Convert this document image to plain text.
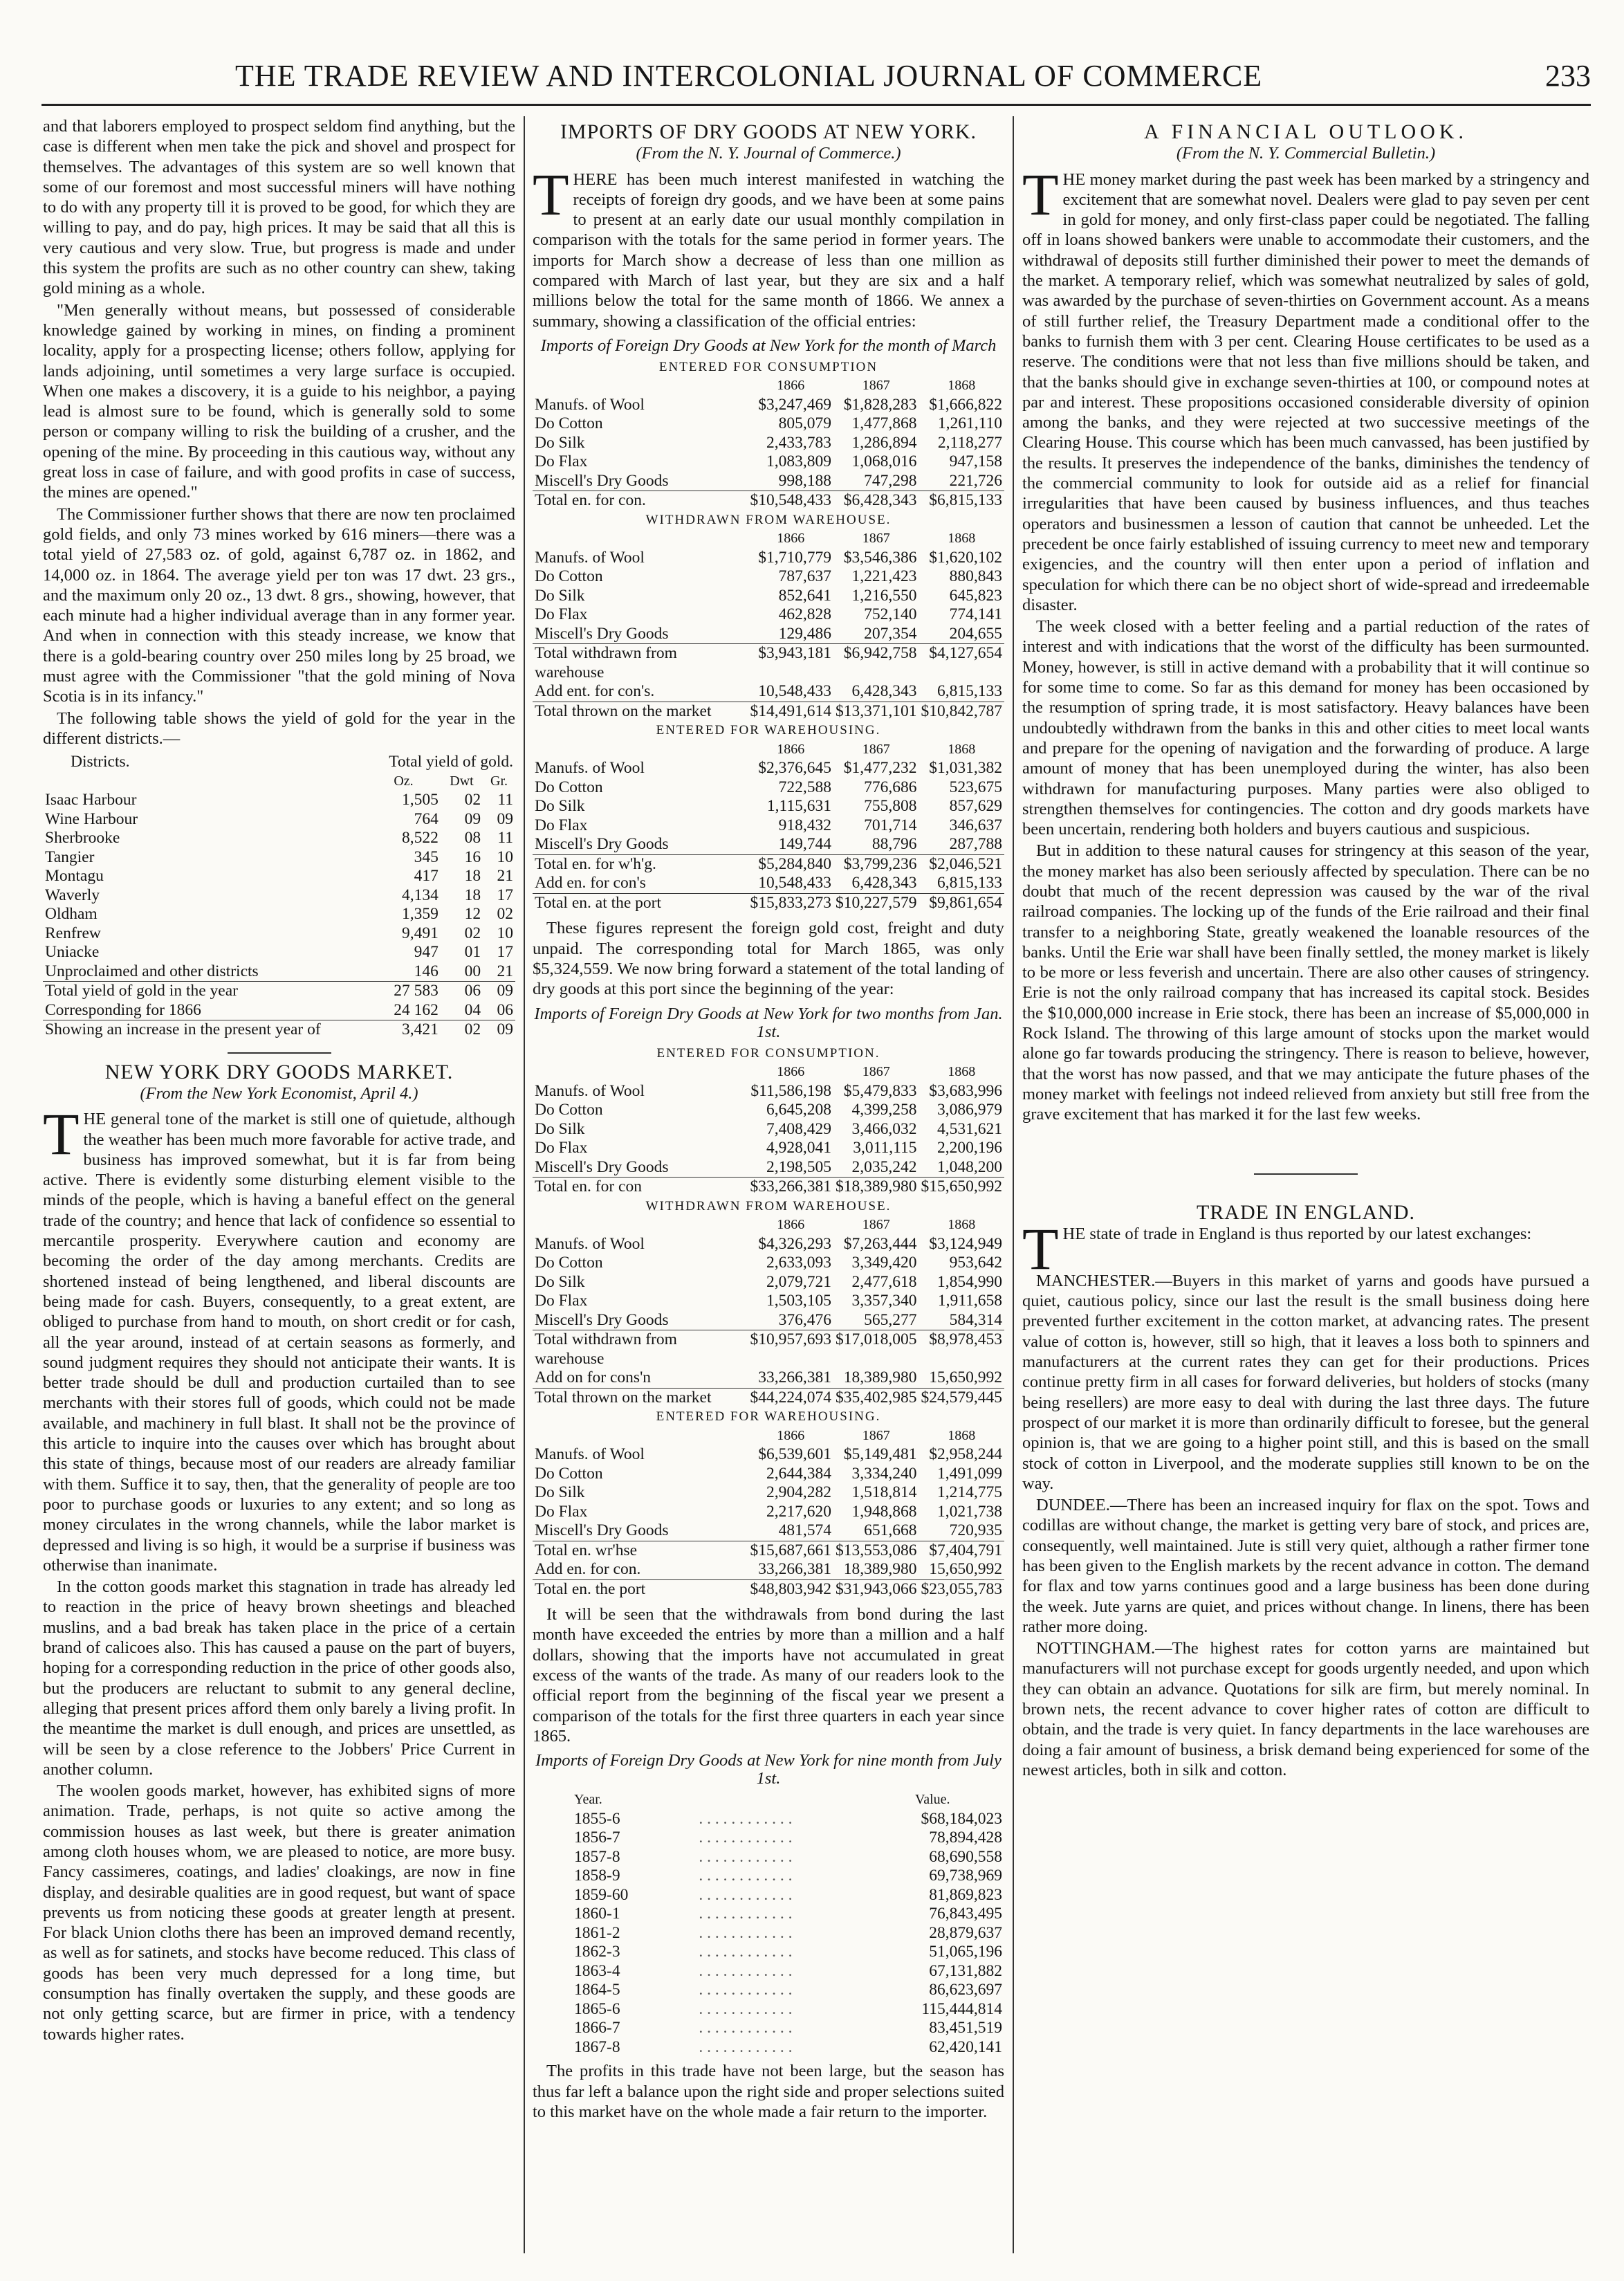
THE TRADE REVIEW AND INTERCOLONIAL JOURNAL OF COMMERCE	233

and that laborers employed to prospect seldom find anything, but the case is different when men take the pick and shovel and prospect for themselves. The advantages of this system are so well known that some of our foremost and most successful miners will have nothing to do with any property till it is proved to be good, for which they are willing to pay, and do pay, high prices. It may be said that all this is very cautious and very slow. True, but progress is made and under this system the profits are such as no other country can shew, taking gold mining as a whole.

"Men generally without means, but possessed of considerable knowledge gained by working in mines, on finding a prominent locality, apply for a prospecting license; others follow, applying for lands adjoining, until sometimes a very large surface is occupied. When one makes a discovery, it is a guide to his neighbor, a paying lead is almost sure to be found, which is generally sold to some person or company willing to risk the building of a crusher, and the opening of the mine. By proceeding in this cautious way, without any great loss in case of failure, and with good profits in case of success, the mines are opened."

The Commissioner further shows that there are now ten proclaimed gold fields, and only 73 mines worked by 616 miners—there was a total yield of 27,583 oz. of gold, against 6,787 oz. in 1862, and 14,000 oz. in 1864. The average yield per ton was 17 dwt. 23 grs., and the maximum only 20 oz., 13 dwt. 8 grs., showing, however, that each minute had a higher individual average than in any former year. And when in connection with this steady increase, we know that there is a gold-bearing country over 250 miles long by 25 broad, we must agree with the Commissioner "that the gold mining of Nova Scotia is in its infancy."

The following table shows the yield of gold for the year in the different districts.—

Districts.	Total yield of gold.		
	Oz.	Dwt	Gr.
Isaac Harbour	1,505	02	11
Wine Harbour	764	09	09
Sherbrooke	8,522	08	11
Tangier	345	16	10
Montagu	417	18	21
Waverly	4,134	18	17
Oldham	1,359	12	02
Renfrew	9,491	02	10
Uniacke	947	01	17
Unproclaimed and other districts	146	00	21
Total yield of gold in the year	27 583	06	09
Corresponding for 1866	24 162	04	06
Showing an increase in the present year of	3,421	02	09
NEW YORK DRY GOODS MARKET.
(From the New York Economist, April 4.)

THE general tone of the market is still one of quietude, although the weather has been much more favorable for active trade, and business has improved somewhat, but it is far from being active. There is evidently some disturbing element visible to the minds of the people, which is having a baneful effect on the general trade of the country; and hence that lack of confidence so essential to mercantile prosperity. Everywhere caution and economy are becoming the order of the day among merchants. Credits are shortened instead of being lengthened, and liberal discounts are being made for cash. Buyers, consequently, to a great extent, are obliged to purchase from hand to mouth, on short credit or for cash, all the year around, instead of at certain seasons as formerly, and sound judgment requires they should not anticipate their wants. It is better trade should be dull and production curtailed than to see merchants with their stores full of goods, which could not be made available, and machinery in full blast. It shall not be the province of this article to inquire into the causes over which has brought about this state of things, because most of our readers are already familiar with them. Suffice it to say, then, that the generality of people are too poor to purchase goods or luxuries to any extent; and so long as money circulates in the wrong channels, while the labor market is depressed and living is so high, it would be a surprise if business was otherwise than inanimate.

In the cotton goods market this stagnation in trade has already led to reaction in the price of heavy brown sheetings and bleached muslins, and a bad break has taken place in the price of a certain brand of calicoes also. This has caused a pause on the part of buyers, hoping for a corresponding reduction in the price of other goods also, but the producers are reluctant to submit to any general decline, alleging that present prices afford them only barely a living profit. In the meantime the market is dull enough, and prices are unsettled, as will be seen by a close reference to the Jobbers' Price Current in another column.

The woolen goods market, however, has exhibited signs of more animation. Trade, perhaps, is not quite so active among the commission houses as last week, but there is greater animation among cloth houses whom, we are pleased to notice, are more busy. Fancy cassimeres, coatings, and ladies' cloakings, are now in fine display, and desirable qualities are in good request, but want of space prevents us from noticing these goods at greater length at present. For black Union cloths there has been an improved demand recently, as well as for satinets, and stocks have become reduced. This class of goods has been very much depressed for a long time, but consumption has finally overtaken the supply, and these goods are not only getting scarce, but are firmer in price, with a tendency towards higher rates.

IMPORTS OF DRY GOODS AT NEW YORK.
(From the N. Y. Journal of Commerce.)

THERE has been much interest manifested in watching the receipts of foreign dry goods, and we have been at some pains to present at an early date our usual monthly compilation in comparison with the totals for the same period in former years. The imports for March show a decrease of less than one million as compared with March of last year, but they are six and a half millions below the total for the same month of 1866. We annex a summary, showing a classification of the official entries:

Imports of Foreign Dry Goods at New York for the month of March
ENTERED FOR CONSUMPTION			
	1866	1867	1868
Manufs. of Wool	$3,247,469	$1,828,283	$1,666,822
Do Cotton	805,079	1,477,868	1,261,110
Do Silk	2,433,783	1,286,894	2,118,277
Do Flax	1,083,809	1,068,016	947,158
Miscell's Dry Goods	998,188	747,298	221,726
Total en. for con.	$10,548,433	$6,428,343	$6,815,133
WITHDRAWN FROM WAREHOUSE.			
	1866	1867	1868
Manufs. of Wool	$1,710,779	$3,546,386	$1,620,102
Do Cotton	787,637	1,221,423	880,843
Do Silk	852,641	1,216,550	645,823
Do Flax	462,828	752,140	774,141
Miscell's Dry Goods	129,486	207,354	204,655
Total withdrawn from warehouse	$3,943,181	$6,942,758	$4,127,654
Add ent. for con's.	10,548,433	6,428,343	6,815,133
Total thrown on the market	$14,491,614	$13,371,101	$10,842,787
ENTERED FOR WAREHOUSING.			
	1866	1867	1868
Manufs. of Wool	$2,376,645	$1,477,232	$1,031,382
Do Cotton	722,588	776,686	523,675
Do Silk	1,115,631	755,808	857,629
Do Flax	918,432	701,714	346,637
Miscell's Dry Goods	149,744	88,796	287,788
Total en. for w'h'g.	$5,284,840	$3,799,236	$2,046,521
Add en. for con's	10,548,433	6,428,343	6,815,133
Total en. at the port	$15,833,273	$10,227,579	$9,861,654

These figures represent the foreign gold cost, freight and duty unpaid. The corresponding total for March 1865, was only $5,324,559. We now bring forward a statement of the total landing of dry goods at this port since the beginning of the year:

Imports of Foreign Dry Goods at New York for two months from Jan. 1st.
ENTERED FOR CONSUMPTION.			
	1866	1867	1868
Manufs. of Wool	$11,586,198	$5,479,833	$3,683,996
Do Cotton	6,645,208	4,399,258	3,086,979
Do Silk	7,408,429	3,466,032	4,531,621
Do Flax	4,928,041	3,011,115	2,200,196
Miscell's Dry Goods	2,198,505	2,035,242	1,048,200
Total en. for con	$33,266,381	$18,389,980	$15,650,992
WITHDRAWN FROM WAREHOUSE.			
	1866	1867	1868
Manufs. of Wool	$4,326,293	$7,263,444	$3,124,949
Do Cotton	2,633,093	3,349,420	953,642
Do Silk	2,079,721	2,477,618	1,854,990
Do Flax	1,503,105	3,357,340	1,911,658
Miscell's Dry Goods	376,476	565,277	584,314
Total withdrawn from warehouse	$10,957,693	$17,018,005	$8,978,453
Add on for cons'n	33,266,381	18,389,980	15,650,992
Total thrown on the market	$44,224,074	$35,402,985	$24,579,445
ENTERED FOR WAREHOUSING.			
	1866	1867	1868
Manufs. of Wool	$6,539,601	$5,149,481	$2,958,244
Do Cotton	2,644,384	3,334,240	1,491,099
Do Silk	2,904,282	1,518,814	1,214,775
Do Flax	2,217,620	1,948,868	1,021,738
Miscell's Dry Goods	481,574	651,668	720,935
Total en. wr'hse	$15,687,661	$13,553,086	$7,404,791
Add en. for con.	33,266,381	18,389,980	15,650,992
Total en. the port	$48,803,942	$31,943,066	$23,055,783

It will be seen that the withdrawals from bond during the last month have exceeded the entries by more than a million and a half dollars, showing that the imports have not accumulated in great excess of the wants of the trade. As many of our readers look to the official report from the beginning of the fiscal year we present a comparison of the totals for the first three quarters in each year since 1865.

Imports of Foreign Dry Goods at New York for nine month from July 1st.
Year.		Value.
1855-6	. . . . . . . . . . . .	$68,184,023
1856-7	. . . . . . . . . . . .	78,894,428
1857-8	. . . . . . . . . . . .	68,690,558
1858-9	. . . . . . . . . . . .	69,738,969
1859-60	. . . . . . . . . . . .	81,869,823
1860-1	. . . . . . . . . . . .	76,843,495
1861-2	. . . . . . . . . . . .	28,879,637
1862-3	. . . . . . . . . . . .	51,065,196
1863-4	. . . . . . . . . . . .	67,131,882
1864-5	. . . . . . . . . . . .	86,623,697
1865-6	. . . . . . . . . . . .	115,444,814
1866-7	. . . . . . . . . . . .	83,451,519
1867-8	. . . . . . . . . . . .	62,420,141

The profits in this trade have not been large, but the season has thus far left a balance upon the right side and proper selections suited to this market have on the whole made a fair return to the importer.

A FINANCIAL OUTLOOK.
(From the N. Y. Commercial Bulletin.)

THE money market during the past week has been marked by a stringency and excitement that are somewhat novel. Dealers were glad to pay seven per cent in gold for money, and only first-class paper could be negotiated. The falling off in loans showed bankers were unable to accommodate their customers, and the withdrawal of deposits still further diminished their power to meet the demands of the market. A temporary relief, which was somewhat neutralized by sales of gold, was awarded by the purchase of seven-thirties on Government account. As a means of still further relief, the Treasury Department made a conditional offer to the banks to furnish them with 3 per cent. Clearing House certificates to be used as a reserve. The conditions were that not less than five millions should be taken, and that the banks should give in exchange seven-thirties at 100, or compound notes at par and interest. These propositions occasioned considerable diversity of opinion among the banks, and they were rejected at two successive meetings of the Clearing House. This course which has been much canvassed, has been justified by the results. It preserves the independence of the banks, diminishes the tendency of the commercial community to look for outside aid as a relief for financial irregularities that have been caused by business influences, and thus teaches operators and businessmen a lesson of caution that cannot be unheeded. Let the precedent be once fairly established of issuing currency to meet new and temporary exigencies, and the country will then enter upon a period of inflation and speculation for which there can be no object short of wide-spread and irredeemable disaster.

The week closed with a better feeling and a partial reduction of the rates of interest and with indications that the worst of the difficulty has been surmounted. Money, however, is still in active demand with a probability that it will continue so for some time to come. So far as this demand for money has been occasioned by the resumption of spring trade, it is most satisfactory. Heavy balances have been undoubtedly withdrawn from the banks in this and other cities to meet local wants and prepare for the opening of navigation and the forwarding of produce. A large amount of money that has been unemployed during the winter, has also been withdrawn for manufacturing purposes. Many parties were also obliged to strengthen themselves for contingencies. The cotton and dry goods markets have been uncertain, rendering both holders and buyers cautious and suspicious.

But in addition to these natural causes for stringency at this season of the year, the money market has also been seriously affected by speculation. There can be no doubt that much of the recent depression was caused by the war of the rival railroad companies. The locking up of the funds of the Erie railroad and their final transfer to a neighboring State, greatly weakened the loanable resources of the banks. Until the Erie war shall have been finally settled, the money market is likely to be more or less feverish and uncertain. There are also other causes of stringency. Erie is not the only railroad company that has increased its capital stock. Besides the $10,000,000 increase in Erie stock, there has been an increase of $5,000,000 in Rock Island. The throwing of this large amount of stocks upon the market would alone go far towards producing the stringency. There is reason to believe, however, that the worst has now passed, and that we may anticipate the future phases of the money market with feelings not indeed relieved from anxiety but still free from the grave excitement that has marked it for the last few weeks.

TRADE IN ENGLAND.

THE state of trade in England is thus reported by our latest exchanges:

MANCHESTER.—Buyers in this market of yarns and goods have pursued a quiet, cautious policy, since our last the result is the small business doing here prevented further excitement in the cotton market, at advancing rates. The present value of cotton is, however, still so high, that it leaves a loss both to spinners and manufacturers at the current rates they can get for their productions. Prices continue pretty firm in all cases for forward deliveries, but holders of stocks (many being resellers) are more easy to deal with during the last three days. The future prospect of our market it is more than ordinarily difficult to foresee, but the general opinion is, that we are going to a higher point still, and this is based on the small stock of cotton in Liverpool, and the moderate supplies still known to be on the way.

DUNDEE.—There has been an increased inquiry for flax on the spot. Tows and codillas are without change, the market is getting very bare of stock, and prices are, consequently, well maintained. Jute is still very quiet, although a rather firmer tone has been given to the English markets by the recent advance in cotton. The demand for flax and tow yarns continues good and a large business has been done during the week. Jute yarns are quiet, and prices without change. In linens, there has been rather more doing.

NOTTINGHAM.—The highest rates for cotton yarns are maintained but manufacturers will not purchase except for goods urgently needed, and upon which they can obtain an advance. Quotations for silk are firm, but merely nominal. In brown nets, the recent advance to cover higher rates of cotton are difficult to obtain, and the trade is very quiet. In fancy departments in the lace warehouses are doing a fair amount of business, a brisk demand being experienced for some of the newest articles, both in silk and cotton.
